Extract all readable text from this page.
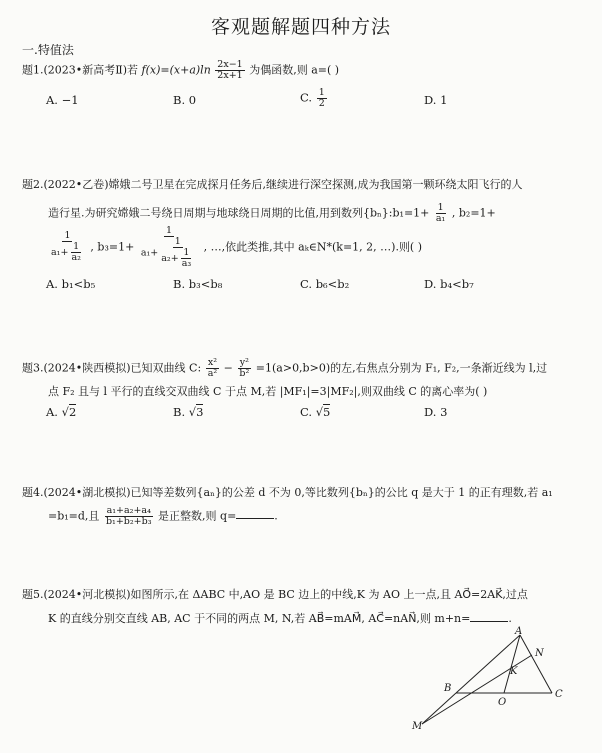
客观题解题四种方法
一.特值法
题1.(2023•新高考Ⅱ)若 $f(x)=(x+a)\ln \frac{2x-1}{2x+1}$ 为偶函数,则 a=( )
A. −1	B. 0	C. $\frac{1}{2}$	D. 1
题2.(2022•乙卷)嫦娥二号卫星在完成探月任务后,继续进行深空探测,成为我国第一颗环绕太阳飞行的人
造行星.为研究嫦娥二号绕日周期与地球绕日周期的比值,用到数列{bₙ}:b₁=1+ $\frac{1}{\text{a₁}}$ , b₂=1+
$\frac{1}{a_1+ \frac{1}{\text{a₂}}}$ , $b_3=1+ \frac{1}{a_1+ \frac{1}{a_2+ \frac{1}{\text{a₃}}}}$ , …,依此类推,其中 aₖ∈N*(k=1, 2, …).则( )
A. b₁<b₅	B. b₃<b₈	C. b₆<b₂	D. b₄<b₇
题3.(2024•陕西模拟)已知双曲线 C: $\frac{\text{x²}}{\text{a²}} - \frac{\text{y²}}{\text{b²}} =1(a>0,b>0)$的左,右焦点分别为 F₁, F₂,一条渐近线为 l,过
点 F₂ 且与 l 平行的直线交双曲线 C 于点 M,若 |MF₁|=3|MF₂|,则双曲线 C 的离心率为( )
A. √2	B. √3	C. √5	D. 3
题4.(2024•湖北模拟)已知等差数列{aₙ}的公差 d 不为 0,等比数列{bₙ}的公比 q 是大于 1 的正有理数,若 a₁
=b₁=d,且 $\frac{\text{a₁+a₂+a₄}}{\text{b₁+b₂+b₃}}$ 是正整数,则 q=	.
题5.(2024•河北模拟)如图所示,在 ΔABC 中,AO 是 BC 边上的中线,K 为 AO 上一点,且 AO⃗=2AK⃗,过点
K 的直线分别交直线 AB, AC 于不同的两点 M, N,若 AB⃗=mAM⃗, AC⃗=nAN⃗,则 m+n=	.
A
N
K
B
O
C
M
